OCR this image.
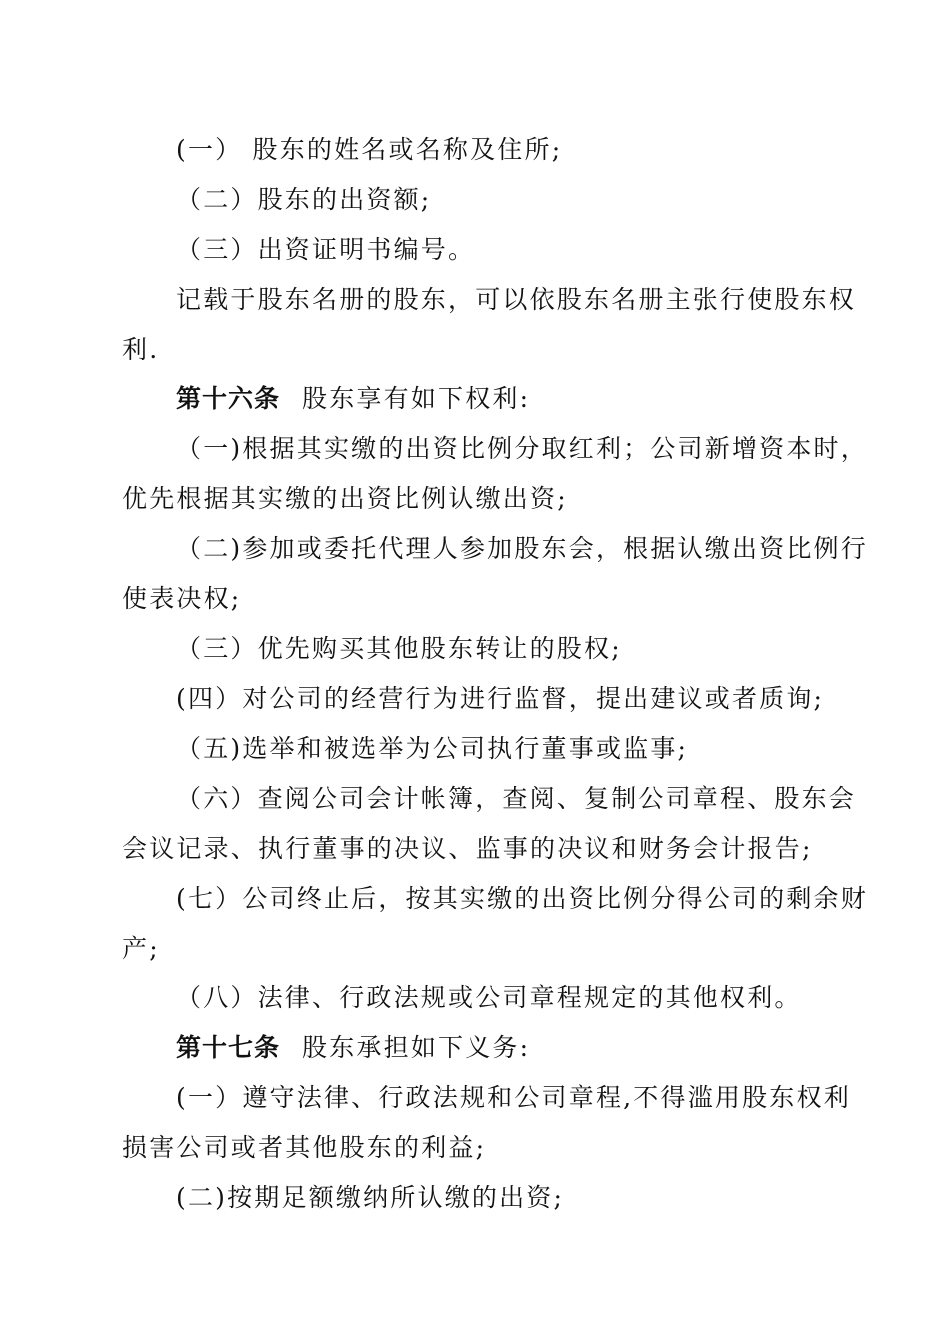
(一） 股东的姓名或名称及住所;
（二）股东的出资额;
（三）出资证明书编号。
记载于股东名册的股东，可以依股东名册主张行使股东权
利.
第十六条 股东享有如下权利:
（一)根据其实缴的出资比例分取红利；公司新增资本时，
优先根据其实缴的出资比例认缴出资;
（二)参加或委托代理人参加股东会，根据认缴出资比例行
使表决权;
（三）优先购买其他股东转让的股权;
(四）对公司的经营行为进行监督，提出建议或者质询;
（五)选举和被选举为公司执行董事或监事;
（六）查阅公司会计帐簿，查阅、复制公司章程、股东会
会议记录、执行董事的决议、监事的决议和财务会计报告;
(七）公司终止后，按其实缴的出资比例分得公司的剩余财
产;
（八）法律、行政法规或公司章程规定的其他权利。
第十七条 股东承担如下义务:
(一）遵守法律、行政法规和公司章程,不得滥用股东权利
损害公司或者其他股东的利益;
(二)按期足额缴纳所认缴的出资;
